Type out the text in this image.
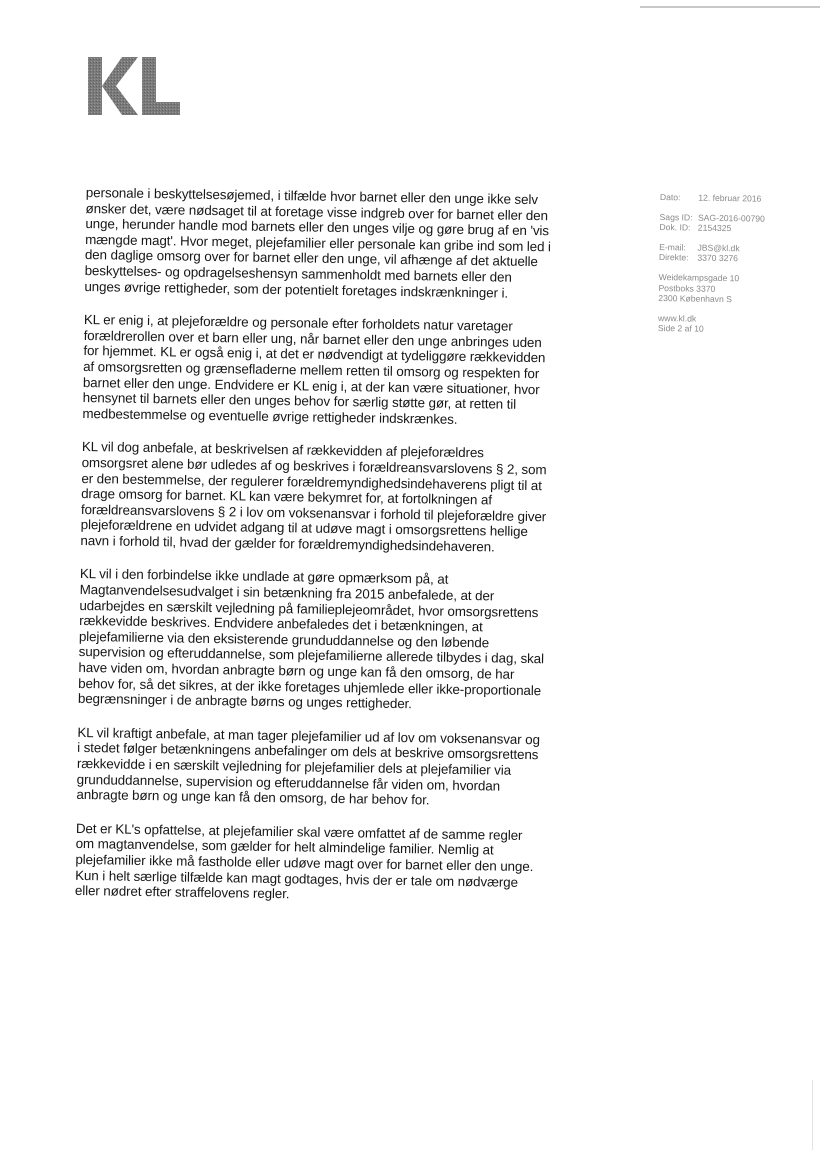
personale i beskyttelsesøjemed, i tilfælde hvor barnet eller den unge ikke selv ønsker det, være nødsaget til at foretage visse indgreb over for barnet eller den unge, herunder handle mod barnets eller den unges vilje og gøre brug af en 'vis mængde magt'. Hvor meget, plejefamilier eller personale kan gribe ind som led i den daglige omsorg over for barnet eller den unge, vil afhænge af det aktuelle beskyttelses- og opdragelseshensyn sammenholdt med barnets eller den unges øvrige rettigheder, som der potentielt foretages indskrænkninger i.

KL er enig i, at plejeforældre og personale efter forholdets natur varetager forældrerollen over et barn eller ung, når barnet eller den unge anbringes uden for hjemmet. KL er også enig i, at det er nødvendigt at tydeliggøre rækkevidden af omsorgsretten og grænsefladerne mellem retten til omsorg og respekten for barnet eller den unge. Endvidere er KL enig i, at der kan være situationer, hvor hensynet til barnets eller den unges behov for særlig støtte gør, at retten til medbestemmelse og eventuelle øvrige rettigheder indskrænkes.

KL vil dog anbefale, at beskrivelsen af rækkevidden af plejeforældres omsorgsret alene bør udledes af og beskrives i forældreansvarslovens § 2, som er den bestemmelse, der regulerer forældremyndighedsindehaverens pligt til at drage omsorg for barnet. KL kan være bekymret for, at fortolkningen af forældreansvarslovens § 2 i lov om voksenansvar i forhold til plejeforældre giver plejeforældrene en udvidet adgang til at udøve magt i omsorgsrettens hellige navn i forhold til, hvad der gælder for forældremyndighedsindehaveren.

KL vil i den forbindelse ikke undlade at gøre opmærksom på, at Magtanvendelsesudvalget i sin betænkning fra 2015 anbefalede, at der udarbejdes en særskilt vejledning på familieplejeområdet, hvor omsorgsrettens rækkevidde beskrives. Endvidere anbefaledes det i betænkningen, at plejefamilierne via den eksisterende grunduddannelse og den løbende supervision og efteruddannelse, som plejefamilierne allerede tilbydes i dag, skal have viden om, hvordan anbragte børn og unge kan få den omsorg, de har behov for, så det sikres, at der ikke foretages uhjemlede eller ikke-proportionale begrænsninger i de anbragte børns og unges rettigheder.

KL vil kraftigt anbefale, at man tager plejefamilier ud af lov om voksenansvar og i stedet følger betænkningens anbefalinger om dels at beskrive omsorgsrettens rækkevidde i en særskilt vejledning for plejefamilier dels at plejefamilier via grunduddannelse, supervision og efteruddannelse får viden om, hvordan anbragte børn og unge kan få den omsorg, de har behov for.

Det er KL's opfattelse, at plejefamilier skal være omfattet af de samme regler om magtanvendelse, som gælder for helt almindelige familier. Nemlig at plejefamilier ikke må fastholde eller udøve magt over for barnet eller den unge. Kun i helt særlige tilfælde kan magt godtages, hvis der er tale om nødværge eller nødret efter straffelovens regler.

Dato: 12. februar 2016
Sags ID: SAG-2016-00790
Dok. ID: 2154325
E-mail: JBS@kl.dk
Direkte: 3370 3276
Weidekampsgade 10
Postboks 3370
2300 København S
www.kl.dk
Side 2 af 10
